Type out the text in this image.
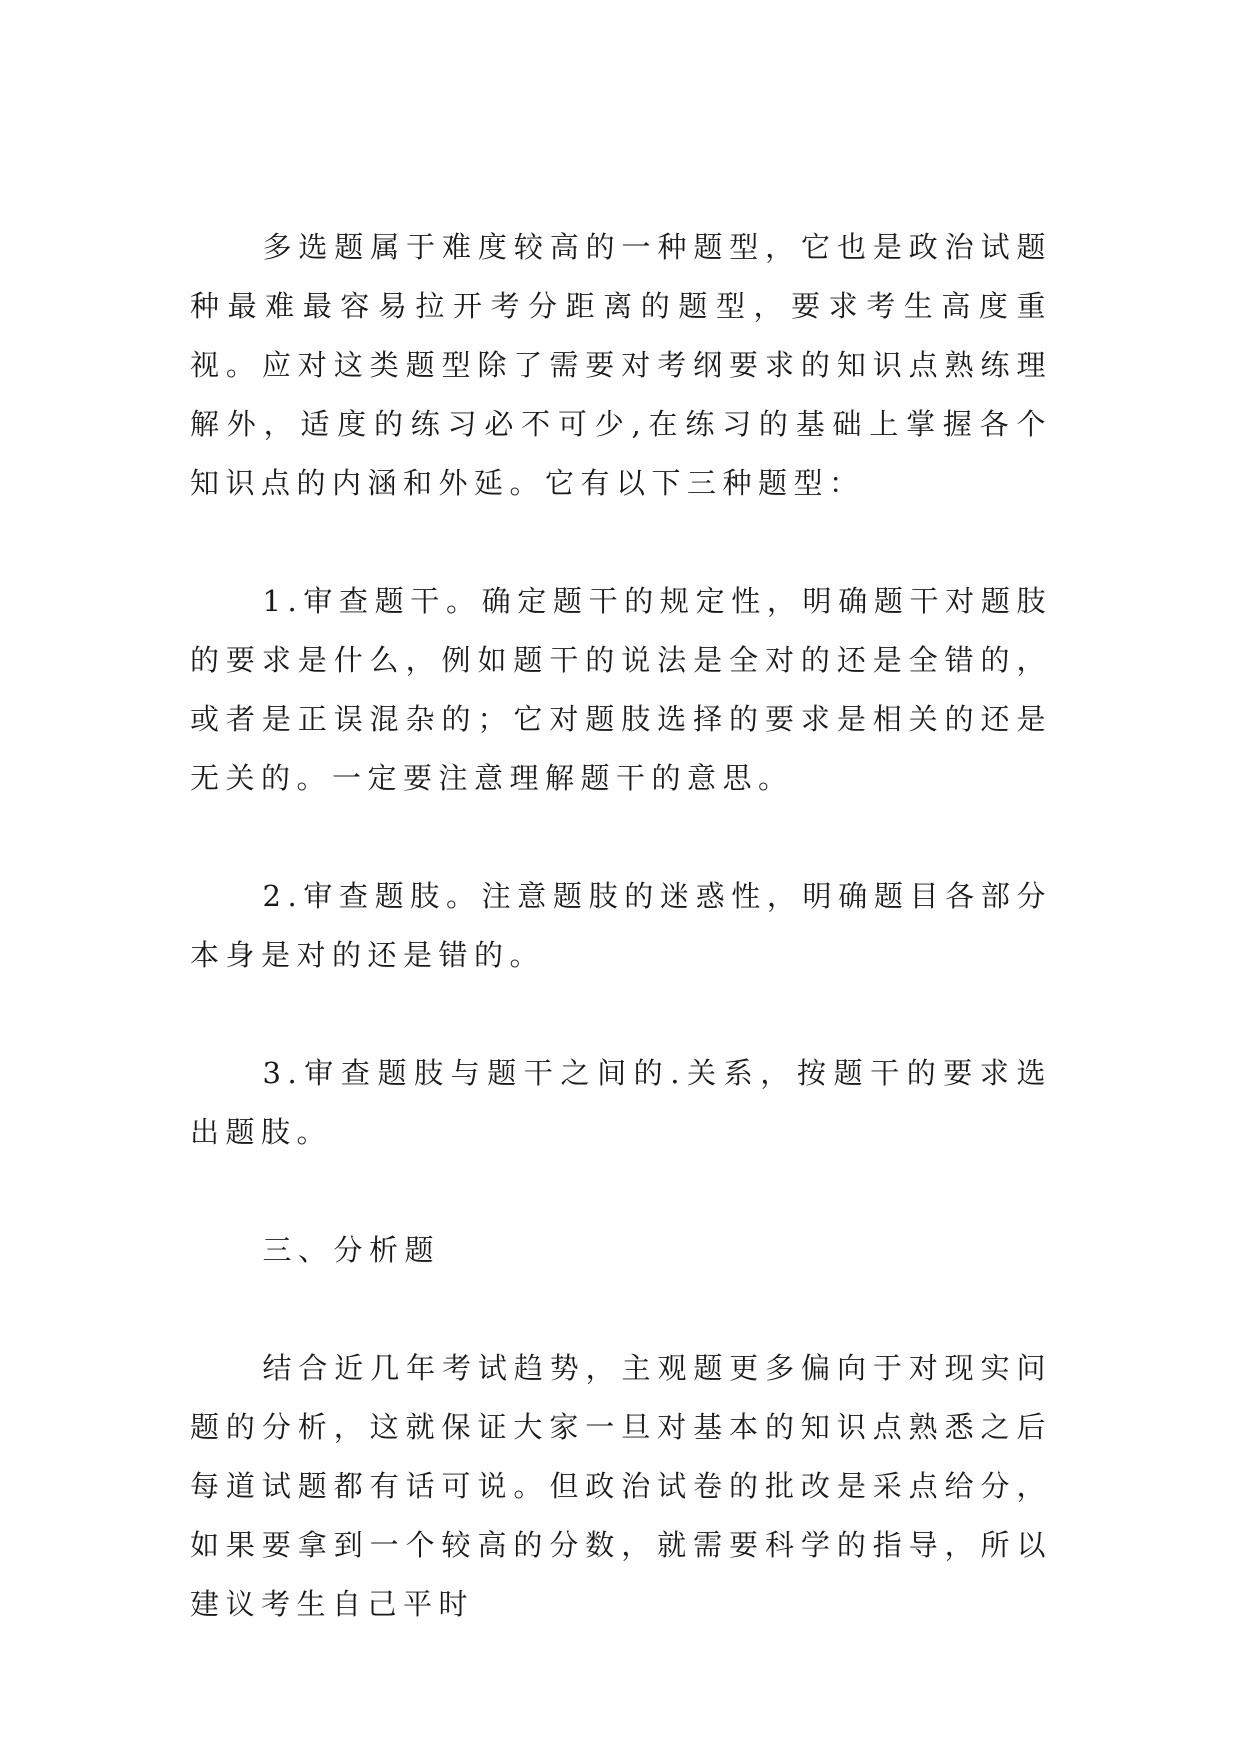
多选题属于难度较高的一种题型，它也是政治试题种最难最容易拉开考分距离的题型，要求考生高度重视。应对这类题型除了需要对考纲要求的知识点熟练理解外，适度的练习必不可少,在练习的基础上掌握各个知识点的内涵和外延。它有以下三种题型：

1.审查题干。确定题干的规定性，明确题干对题肢的要求是什么，例如题干的说法是全对的还是全错的，或者是正误混杂的；它对题肢选择的要求是相关的还是无关的。一定要注意理解题干的意思。

2.审查题肢。注意题肢的迷惑性，明确题目各部分本身是对的还是错的。

3.审查题肢与题干之间的.关系，按题干的要求选出题肢。

三、分析题

结合近几年考试趋势，主观题更多偏向于对现实问题的分析，这就保证大家一旦对基本的知识点熟悉之后每道试题都有话可说。但政治试卷的批改是采点给分，如果要拿到一个较高的分数，就需要科学的指导，所以建议考生自己平时
